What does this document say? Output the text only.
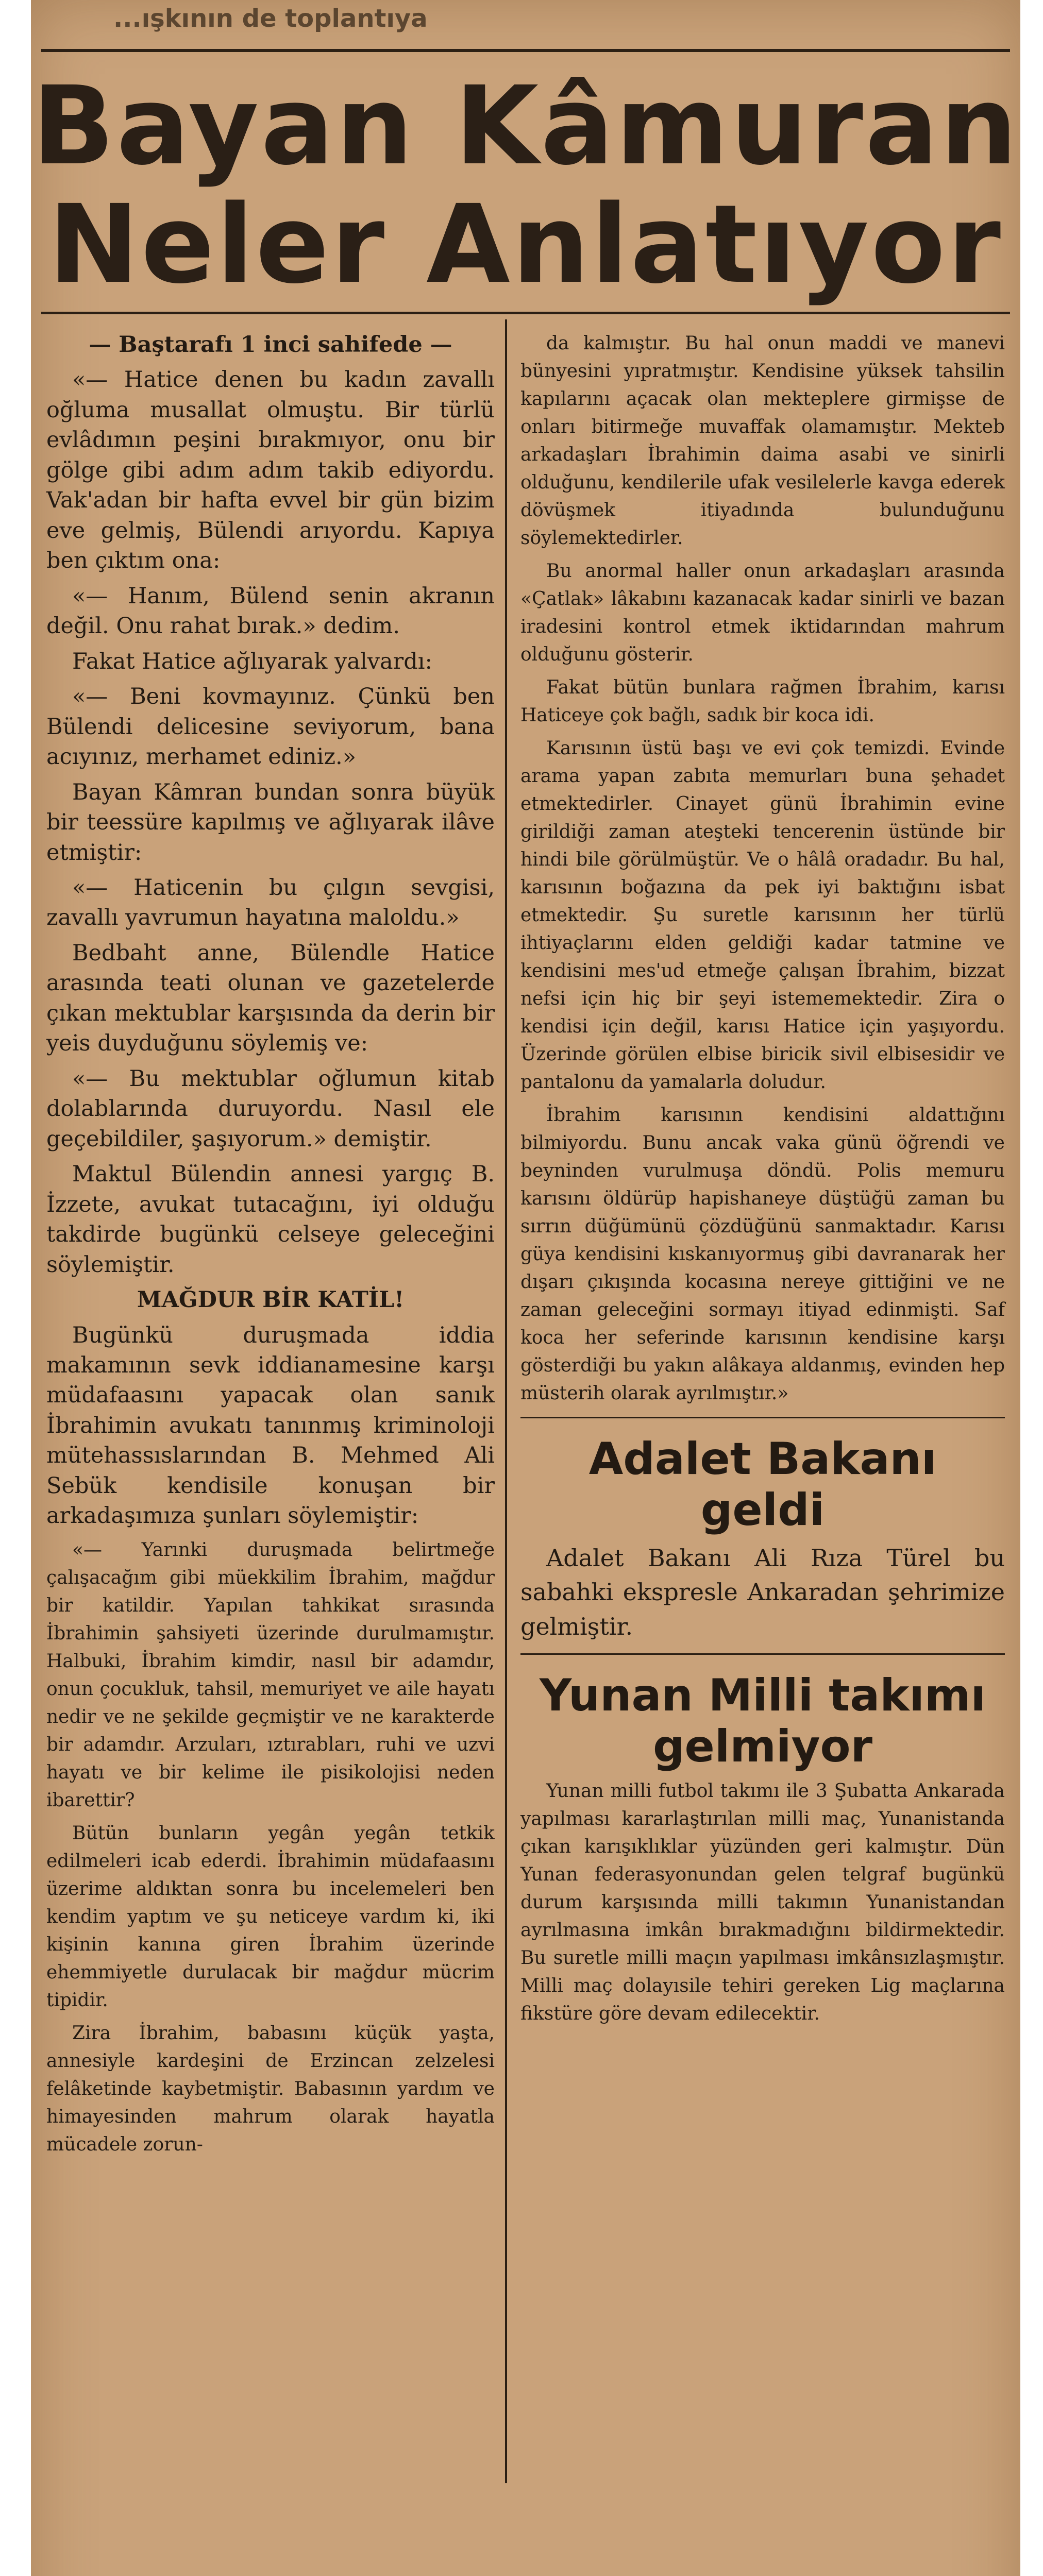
...ışkının de toplantıya
Bayan Kâmuran
Neler Anlatıyor

— Baştarafı 1 inci sahifede —

«— Hatice denen bu kadın zavallı oğluma musallat olmuştu. Bir türlü evlâdımın peşini bırakmıyor, onu bir gölge gibi adım adım takib ediyordu. Vak'adan bir hafta evvel bir gün bizim eve gelmiş, Bülendi arıyordu. Kapıya ben çıktım ona:

«— Hanım, Bülend senin akranın değil. Onu rahat bırak.» dedim.

Fakat Hatice ağlıyarak yalvardı:

«— Beni kovmayınız. Çünkü ben Bülendi delicesine seviyorum, bana acıyınız, merhamet ediniz.»

Bayan Kâmran bundan sonra büyük bir teessüre kapılmış ve ağlıyarak ilâve etmiştir:

«— Haticenin bu çılgın sevgisi, zavallı yavrumun hayatına maloldu.»

Bedbaht anne, Bülendle Hatice arasında teati olunan ve gazetelerde çıkan mektublar karşısında da derin bir yeis duyduğunu söylemiş ve:

«— Bu mektublar oğlumun kitab dolablarında duruyordu. Nasıl ele geçebildiler, şaşıyorum.» demiştir.

Maktul Bülendin annesi yargıç B. İzzete, avukat tutacağını, iyi olduğu takdirde bugünkü celseye geleceğini söylemiştir.

MAĞDUR BİR KATİL!

Bugünkü duruşmada iddia makamının sevk iddianamesine karşı müdafaasını yapacak olan sanık İbrahimin avukatı tanınmış kriminoloji mütehassıslarından B. Mehmed Ali Sebük kendisile konuşan bir arkadaşımıza şunları söylemiştir:

«— Yarınki duruşmada belirtmeğe çalışacağım gibi müekkilim İbrahim, mağdur bir katildir. Yapılan tahkikat sırasında İbrahimin şahsiyeti üzerinde durulmamıştır. Halbuki, İbrahim kimdir, nasıl bir adamdır, onun çocukluk, tahsil, memuriyet ve aile hayatı nedir ve ne şekilde geçmiştir ve ne karakterde bir adamdır. Arzuları, ıztırabları, ruhi ve uzvi hayatı ve bir kelime ile pisikolojisi neden ibarettir?

Bütün bunların yegân yegân tetkik edilmeleri icab ederdi. İbrahimin müdafaasını üzerime aldıktan sonra bu incelemeleri ben kendim yaptım ve şu neticeye vardım ki, iki kişinin kanına giren İbrahim üzerinde ehemmiyetle durulacak bir mağdur mücrim tipidir.

Zira İbrahim, babasını küçük yaşta, annesiyle kardeşini de Erzincan zelzelesi felâketinde kaybetmiştir. Babasının yardım ve himayesinden mahrum olarak hayatla mücadele zorun-

da kalmıştır. Bu hal onun maddi ve manevi bünyesini yıpratmıştır. Kendisine yüksek tahsilin kapılarını açacak olan mekteplere girmişse de onları bitirmeğe muvaffak olamamıştır. Mekteb arkadaşları İbrahimin daima asabi ve sinirli olduğunu, kendilerile ufak vesilelerle kavga ederek dövüşmek itiyadında bulunduğunu söylemektedirler.

Bu anormal haller onun arkadaşları arasında «Çatlak» lâkabını kazanacak kadar sinirli ve bazan iradesini kontrol etmek iktidarından mahrum olduğunu gösterir.

Fakat bütün bunlara rağmen İbrahim, karısı Haticeye çok bağlı, sadık bir koca idi.

Karısının üstü başı ve evi çok temizdi. Evinde arama yapan zabıta memurları buna şehadet etmektedirler. Cinayet günü İbrahimin evine girildiği zaman ateşteki tencerenin üstünde bir hindi bile görülmüştür. Ve o hâlâ oradadır. Bu hal, karısının boğazına da pek iyi baktığını isbat etmektedir. Şu suretle karısının her türlü ihtiyaçlarını elden geldiği kadar tatmine ve kendisini mes'ud etmeğe çalışan İbrahim, bizzat nefsi için hiç bir şeyi istememektedir. Zira o kendisi için değil, karısı Hatice için yaşıyordu. Üzerinde görülen elbise biricik sivil elbisesidir ve pantalonu da yamalarla doludur.

İbrahim karısının kendisini aldattığını bilmiyordu. Bunu ancak vaka günü öğrendi ve beyninden vurulmuşa döndü. Polis memuru karısını öldürüp hapishaneye düştüğü zaman bu sırrın düğümünü çözdüğünü sanmaktadır. Karısı güya kendisini kıskanıyormuş gibi davranarak her dışarı çıkışında kocasına nereye gittiğini ve ne zaman geleceğini sormayı itiyad edinmişti. Saf koca her seferinde karısının kendisine karşı gösterdiği bu yakın alâkaya aldanmış, evinden hep müsterih olarak ayrılmıştır.»

Adalet Bakanı geldi

Adalet Bakanı Ali Rıza Türel bu sabahki ekspresle Ankaradan şehrimize gelmiştir.

Yunan Milli takımı gelmiyor

Yunan milli futbol takımı ile 3 Şubatta Ankarada yapılması kararlaştırılan milli maç, Yunanistanda çıkan karışıklıklar yüzünden geri kalmıştır. Dün Yunan federasyonundan gelen telgraf bugünkü durum karşısında milli takımın Yunanistandan ayrılmasına imkân bırakmadığını bildirmektedir. Bu suretle milli maçın yapılması imkânsızlaşmıştır. Milli maç dolayısile tehiri gereken Lig maçlarına fikstüre göre devam edilecektir.
